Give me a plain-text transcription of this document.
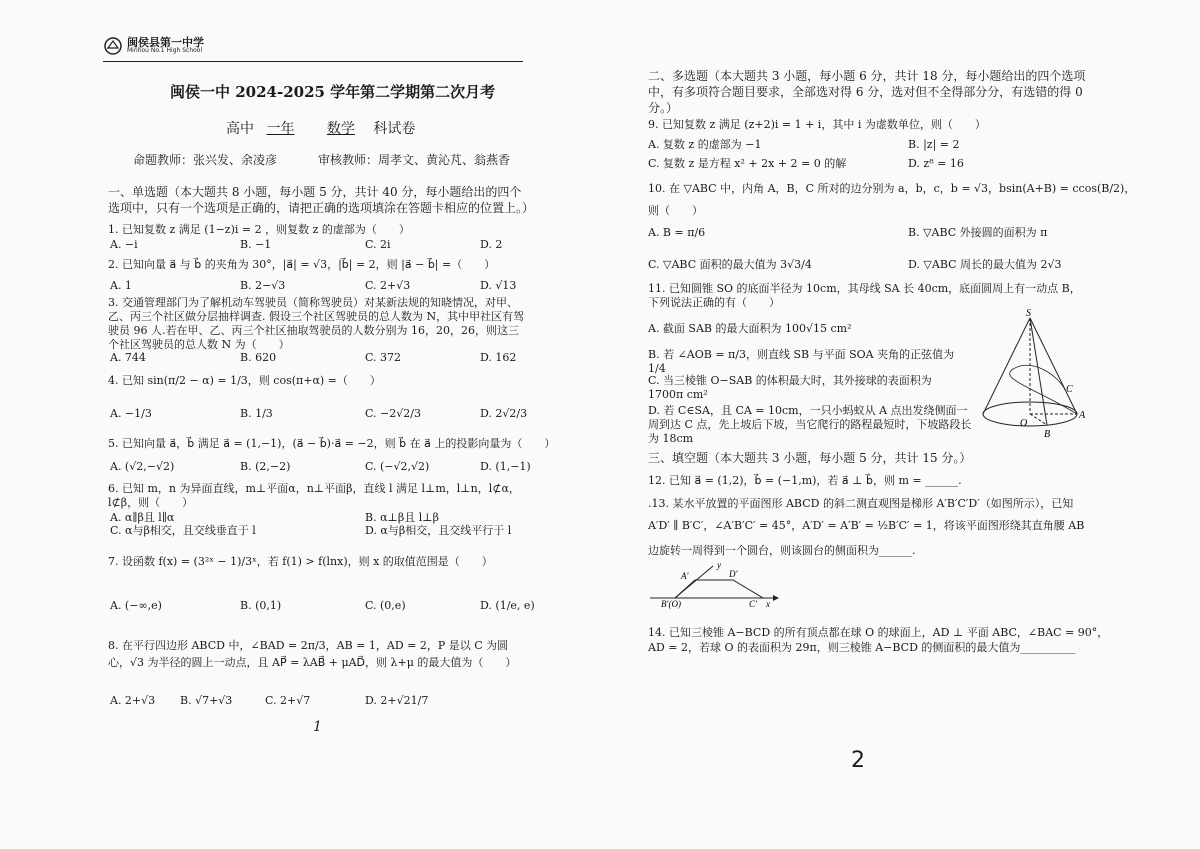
闽侯县第一中学
Minhou No.1 High School
闽侯一中 2024-2025 学年第二学期第二次月考
高中 一年 数学 科试卷
命题教师：张兴发、余凌彦	审核教师：周孝文、黄沁芃、翁燕香
一、单选题（本大题共 8 小题，每小题 5 分，共计 40 分，每小题给出的四个选项中，只有一个选项是正确的，请把正确的选项填涂在答题卡相应的位置上。）
1. 已知复数 z 满足 (1−z)i = 2 ，则复数 z 的虚部为（　　）
A. −i	B. −1	C. 2i	D. 2
2. 已知向量 a⃗ 与 b⃗ 的夹角为 30°，|a⃗| = √3，|b⃗| = 2，则 |a⃗ − b⃗| =（　　）
A. 1	B. 2−√3	C. 2+√3	D. √13
3. 交通管理部门为了解机动车驾驶员（简称驾驶员）对某新法规的知晓情况，对甲、乙、丙三个社区做分层抽样调查. 假设三个社区驾驶员的总人数为 N，其中甲社区有驾驶员 96 人.若在甲、乙、丙三个社区抽取驾驶员的人数分别为 16，20，26，则这三个社区驾驶员的总人数 N 为（　　）
A. 744	B. 620	C. 372	D. 162
4. 已知 sin(π/2 − α) = 1/3，则 cos(π+α) =（　　）
A. −1/3	B. 1/3	C. −2√2/3	D. 2√2/3
5. 已知向量 a⃗，b⃗ 满足 a⃗ = (1,−1)，(a⃗ − b⃗)·a⃗ = −2，则 b⃗ 在 a⃗ 上的投影向量为（　　）
A. (√2,−√2)	B. (2,−2)	C. (−√2,√2)	D. (1,−1)
6. 已知 m，n 为异面直线，m⊥平面α，n⊥平面β，直线 l 满足 l⊥m，l⊥n，l⊄α，l⊄β，则（　　）
A. α∥β且 l∥α	B. α⊥β且 l⊥β
C. α与β相交，且交线垂直于 l	D. α与β相交，且交线平行于 l
7. 设函数 f(x) = (3²ˣ − 1)/3ˣ，若 f(1) > f(lnx)，则 x 的取值范围是（　　）
A. (−∞,e)	B. (0,1)	C. (0,e)	D. (1/e, e)
8. 在平行四边形 ABCD 中，∠BAD = 2π/3，AB = 1，AD = 2，P 是以 C 为圆心，√3 为半径的圆上一动点，且 AP⃗ = λAB⃗ + μAD⃗，则 λ+μ 的最大值为（　　）
A. 2+√3 B. √7+√3	C. 2+√7	D. 2+√21/7
1
二、多选题（本大题共 3 小题，每小题 6 分，共计 18 分，每小题给出的四个选项中，有多项符合题目要求，全部选对得 6 分，选对但不全得部分分，有选错的得 0 分。）
9. 已知复数 z 满足 (z+2)i = 1 + i，其中 i 为虚数单位，则（　　）
A. 复数 z 的虚部为 −1	B. |z| = 2
C. 复数 z 是方程 x² + 2x + 2 = 0 的解	D. z⁸ = 16
10. 在 ▽ABC 中，内角 A，B，C 所对的边分别为 a，b，c，b = √3，bsin(A+B) = ccos(B/2)，
则（　　）
A. B = π/6	B. ▽ABC 外接圆的面积为 π
C. ▽ABC 面积的最大值为 3√3/4	D. ▽ABC 周长的最大值为 2√3
11. 已知圆锥 SO 的底面半径为 10cm，其母线 SA 长 40cm，底面圆周上有一动点 B，下列说法正确的有（　　）
A. 截面 SAB 的最大面积为 100√15 cm²
B. 若 ∠AOB = π/3，则直线 SB 与平面 SOA 夹角的正弦值为 1/4
C. 当三棱锥 O−SAB 的体积最大时，其外接球的表面积为 1700π cm²
D. 若 C∈SA，且 CA = 10cm，一只小蚂蚁从 A 点出发绕侧面一周到达 C 点，先上坡后下坡，当它爬行的路程最短时，下坡路段长为 18cm
S
C
A
O
B
三、填空题（本大题共 3 小题，每小题 5 分，共计 15 分。）
12. 已知 a⃗ = (1,2)，b⃗ = (−1,m)，若 a⃗ ⊥ b⃗，则 m = ______.
.13. 某水平放置的平面图形 ABCD 的斜二测直观图是梯形 A′B′C′D′（如图所示），已知
A′D′ ∥ B′C′，∠A′B′C′ = 45°，A′D′ = A′B′ = ½B′C′ = 1，将该平面图形绕其直角腰 AB
边旋转一周得到一个圆台，则该圆台的侧面积为______.
A′	D′
B′(O)	C′ x
y
14. 已知三棱锥 A−BCD 的所有顶点都在球 O 的球面上，AD ⊥ 平面 ABC，∠BAC = 90°，
AD = 2，若球 O 的表面积为 29π，则三棱锥 A−BCD 的侧面积的最大值为__________
2
